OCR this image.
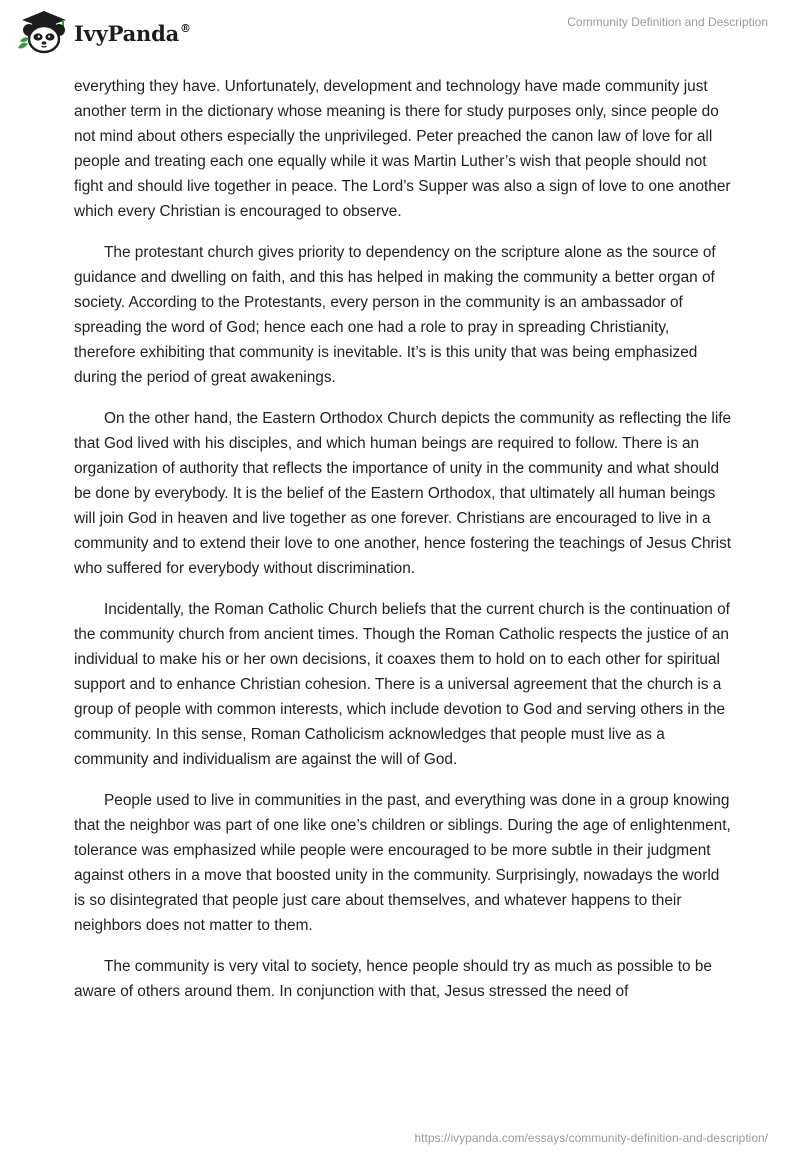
IvyPanda®	Community Definition and Description

everything they have. Unfortunately, development and technology have made community just another term in the dictionary whose meaning is there for study purposes only, since people do not mind about others especially the unprivileged. Peter preached the canon law of love for all people and treating each one equally while it was Martin Luther’s wish that people should not fight and should live together in peace. The Lord’s Supper was also a sign of love to one another which every Christian is encouraged to observe.

The protestant church gives priority to dependency on the scripture alone as the source of guidance and dwelling on faith, and this has helped in making the community a better organ of society. According to the Protestants, every person in the community is an ambassador of spreading the word of God; hence each one had a role to pray in spreading Christianity, therefore exhibiting that community is inevitable. It’s is this unity that was being emphasized during the period of great awakenings.

On the other hand, the Eastern Orthodox Church depicts the community as reflecting the life that God lived with his disciples, and which human beings are required to follow. There is an organization of authority that reflects the importance of unity in the community and what should be done by everybody. It is the belief of the Eastern Orthodox, that ultimately all human beings will join God in heaven and live together as one forever. Christians are encouraged to live in a community and to extend their love to one another, hence fostering the teachings of Jesus Christ who suffered for everybody without discrimination.

Incidentally, the Roman Catholic Church beliefs that the current church is the continuation of the community church from ancient times. Though the Roman Catholic respects the justice of an individual to make his or her own decisions, it coaxes them to hold on to each other for spiritual support and to enhance Christian cohesion. There is a universal agreement that the church is a group of people with common interests, which include devotion to God and serving others in the community. In this sense, Roman Catholicism acknowledges that people must live as a community and individualism are against the will of God.

People used to live in communities in the past, and everything was done in a group knowing that the neighbor was part of one like one’s children or siblings. During the age of enlightenment, tolerance was emphasized while people were encouraged to be more subtle in their judgment against others in a move that boosted unity in the community. Surprisingly, nowadays the world is so disintegrated that people just care about themselves, and whatever happens to their neighbors does not matter to them.

The community is very vital to society, hence people should try as much as possible to be aware of others around them. In conjunction with that, Jesus stressed the need of

https://ivypanda.com/essays/community-definition-and-description/
